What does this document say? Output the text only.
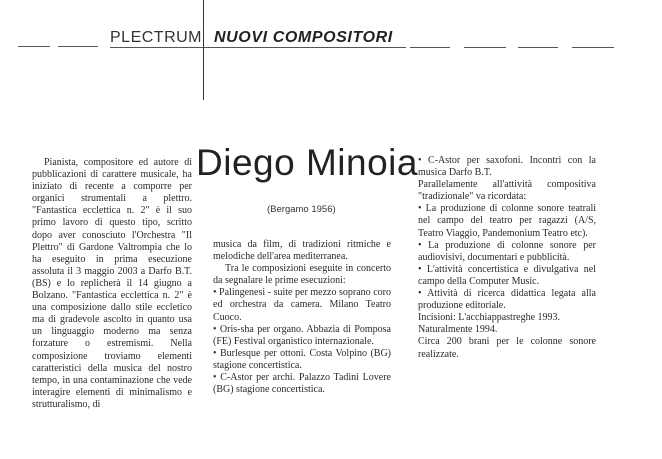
PLECTRUM NUOVI COMPOSITORI
Diego Minoia
(Bergamo 1956)

Pianista, compositore ed autore di pubblicazioni di carattere musicale, ha iniziato di recente a comporre per organici strumentali a plettro. "Fantastica ecclettica n. 2" è il suo primo lavoro di questo tipo, scritto dopo aver conosciuto l'Orchestra "Il Plettro" di Gardone Valtrompia che lo ha eseguito in prima esecuzione assoluta il 3 maggio 2003 a Darfo B.T. (BS) e lo replicherà il 14 giugno a Bolzano. "Fantastica ecclettica n. 2" è una composizione dallo stile eccletico ma di gradevole ascolto in quanto usa un linguaggio moderno ma senza forzature o estremismi. Nella composizione troviamo elementi caratteristici della musica del nostro tempo, in una contaminazione che vede interagire elementi di minimalismo e strutturalismo, di

musica da film, di tradizioni ritmiche e melodiche dell'area mediterranea.

Tra le composizioni eseguite in concerto da segnalare le prime esecuzioni:

• Palingenesi - suite per mezzo soprano coro ed orchestra da camera. Milano Teatro Cuoco.

• Oris-sha per organo. Abbazia di Pomposa (FE) Festival organistico internazionale.

• Burlesque per ottoni. Costa Volpino (BG) stagione concertistica.

• C-Astor per archi. Palazzo Tadini Lovere (BG) stagione concertistica.

• C-Astor per saxofoni. Incontri con la musica Darfo B.T.

Parallelamente all'attività compositiva "tradizionale" va ricordata:

• La produzione di colonne sonore teatrali nel campo del teatro per ragazzi (A/S, Teatro Viaggio, Pandemonium Teatro etc).

• La produzione di colonne sonore per audiovisivi, documentari e pubblicità.

• L'attività concertistica e divulgativa nel campo della Computer Music.

• Attività di ricerca didattica legata alla produzione editoriale.

Incisioni: L'acchiappastreghe 1993.

Naturalmente 1994.

Circa 200 brani per le colonne sonore realizzate.
